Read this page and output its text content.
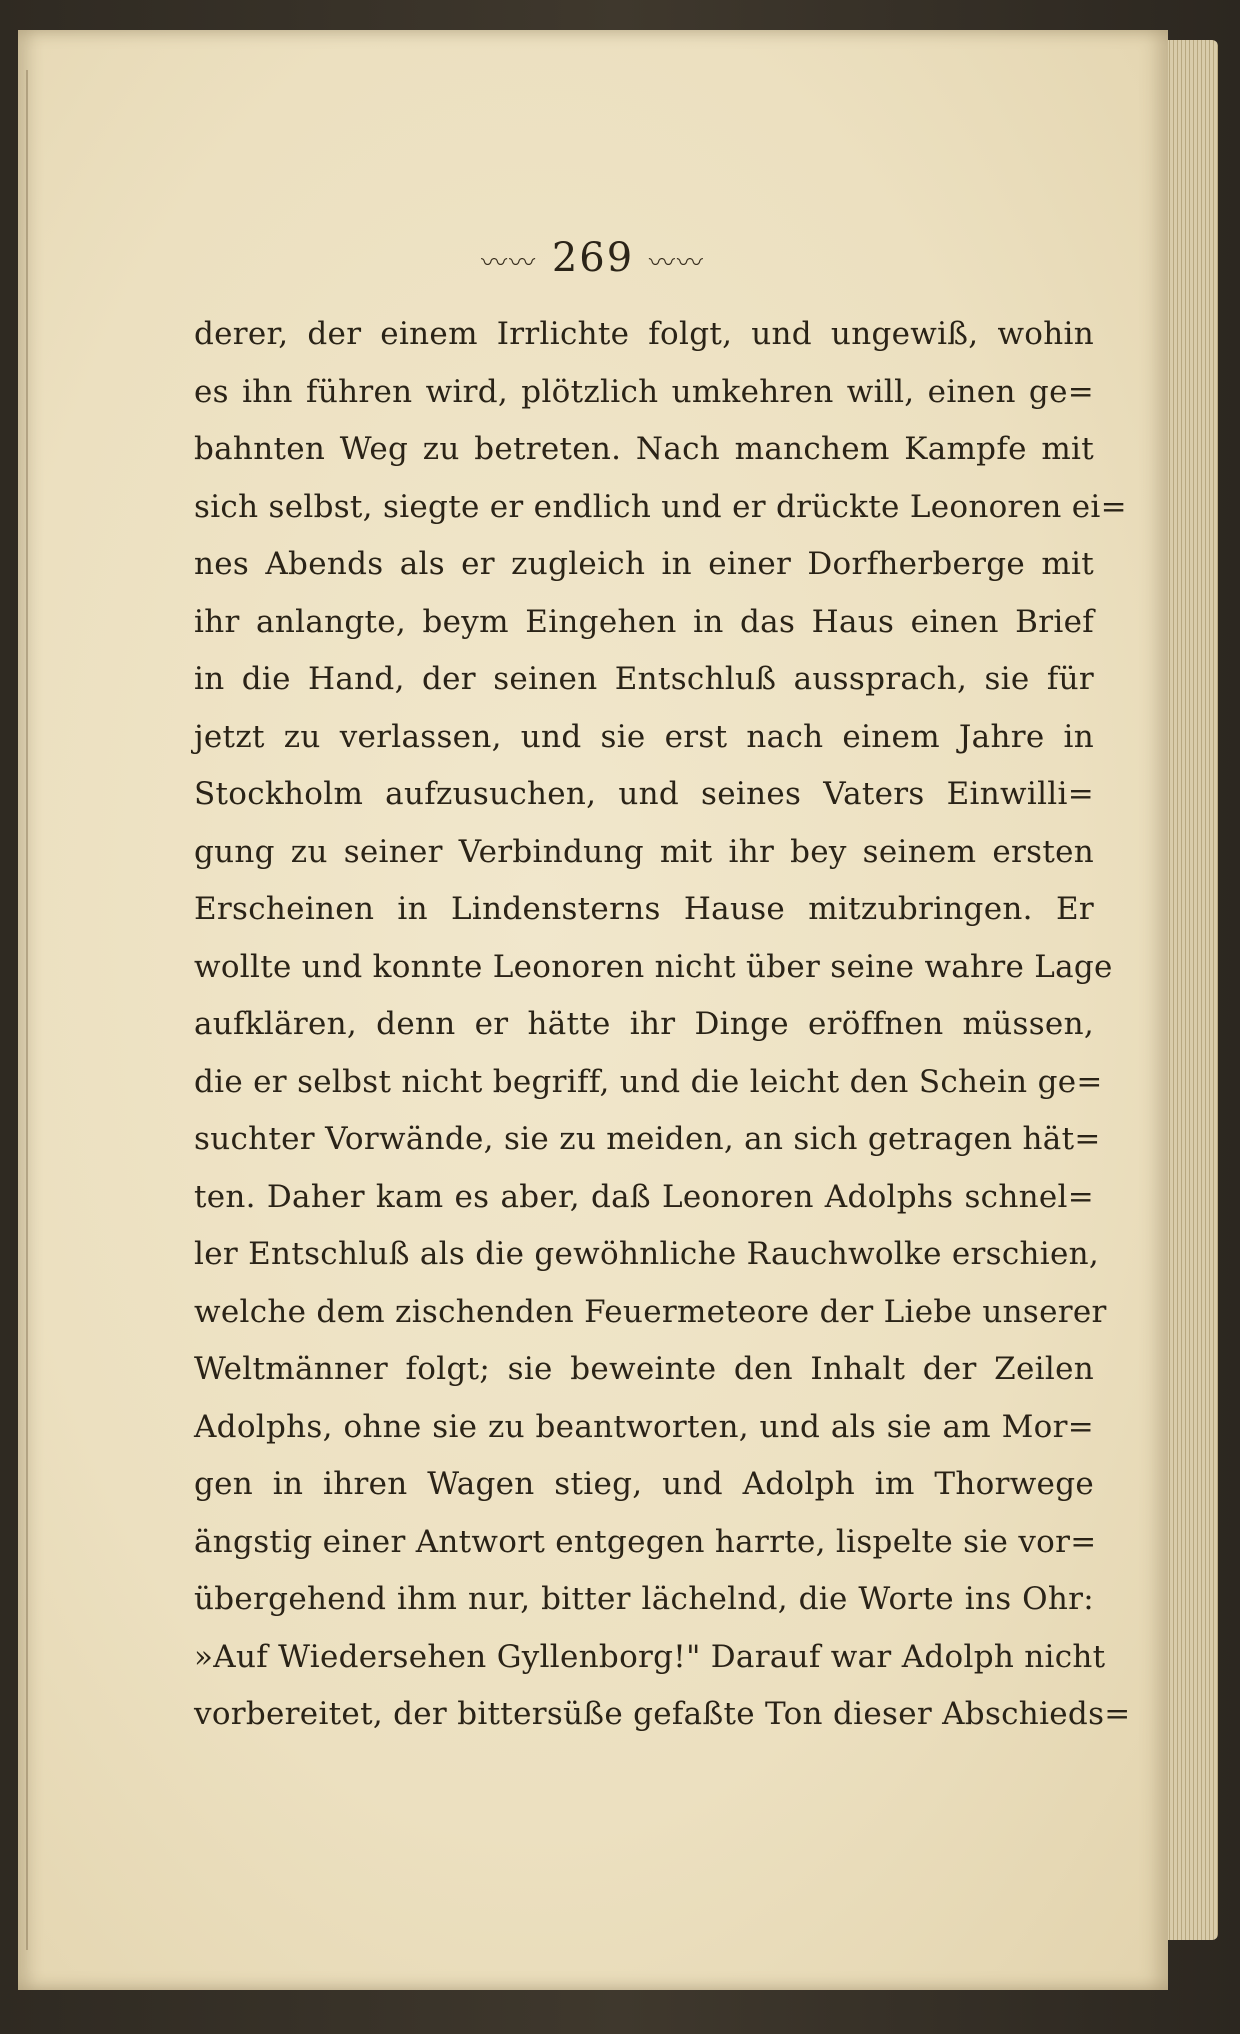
〰〰 269 〰〰
derer, der einem Irrlichte folgt, und ungewiß, wohin
es ihn führen wird, plötzlich umkehren will, einen ge=
bahnten Weg zu betreten. Nach manchem Kampfe mit
sich selbst, siegte er endlich und er drückte Leonoren ei=
nes Abends als er zugleich in einer Dorfherberge mit
ihr anlangte, beym Eingehen in das Haus einen Brief
in die Hand, der seinen Entschluß aussprach, sie für
jetzt zu verlassen, und sie erst nach einem Jahre in
Stockholm aufzusuchen, und seines Vaters Einwilli=
gung zu seiner Verbindung mit ihr bey seinem ersten
Erscheinen in Lindensterns Hause mitzubringen. Er
wollte und konnte Leonoren nicht über seine wahre Lage
aufklären, denn er hätte ihr Dinge eröffnen müssen,
die er selbst nicht begriff, und die leicht den Schein ge=
suchter Vorwände, sie zu meiden, an sich getragen hät=
ten. Daher kam es aber, daß Leonoren Adolphs schnel=
ler Entschluß als die gewöhnliche Rauchwolke erschien,
welche dem zischenden Feuermeteore der Liebe unserer
Weltmänner folgt; sie beweinte den Inhalt der Zeilen
Adolphs, ohne sie zu beantworten, und als sie am Mor=
gen in ihren Wagen stieg, und Adolph im Thorwege
ängstig einer Antwort entgegen harrte, lispelte sie vor=
übergehend ihm nur, bitter lächelnd, die Worte ins Ohr:
»Auf Wiedersehen Gyllenborg!" Darauf war Adolph nicht
vorbereitet, der bittersüße gefaßte Ton dieser Abschieds=
